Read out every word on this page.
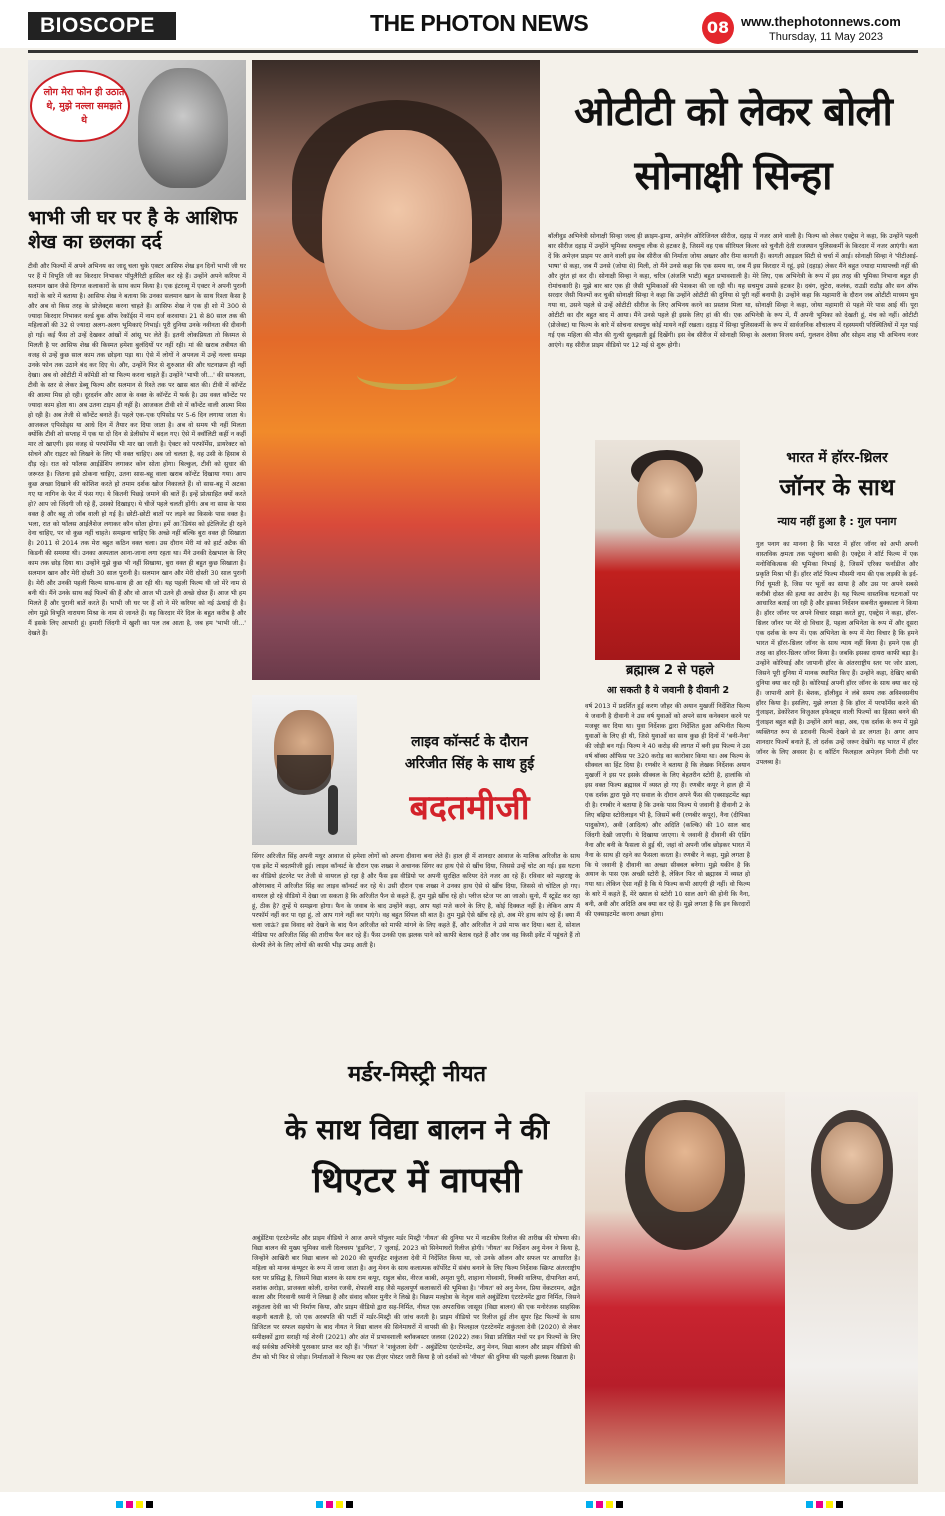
BIOSCOPE	THE PHOTON NEWS	08 www.thephotonnews.com
Thursday, 11 May 2023
लोग मेरा फोन ही उठाते थे, मुझे नल्ला समझते थे
भाभी जी घर पर है के आशिफ शेख का छलका दर्द
टीवी और फिल्मों में अपने अभिनय का जादू चला चुके एक्टर आसिफ शेख इन दिनों भाभी जी घर पर हैं में विभूति जी का किरदार निभाकर पॉपुलैरिटी हासिल कर रहे हैं। उन्होंने अपने करियर में सलमान खान जैसे दिग्गज कलाकारों के साथ काम किया है। एक इंटरव्यू में एक्टर ने अपनी पुरानी यादों के बारे में बताया है। आसिफ शेख ने बताया कि उनका सलमान खान के साथ रिश्ता कैसा है और अब वो किस तरह के प्रोजेक्ट्स करना चाहते हैं। आसिफ शेख ने एक ही शो में 300 से ज्यादा किरदार निभाकर वर्ल्ड बुक ऑफ रेकॉर्ड्स में नाम दर्ज करवाया। 21 से 80 साल तक की महिलाओं की 32 से ज्यादा अलग-अलग भूमिकाएं निभाई। पूरी दुनिया उनके नवीनता की दीवानी हो गई। कई फैंस तो उन्हें देखकर आंखों में आंसू भर लेते हैं। इतनी लोकप्रियता तो किस्मत से मिलती है पर आसिफ शेख की किस्मत हमेशा बुलंदियों पर नहीं रही। मां की खराब तबीयत की वजह से उन्हें कुछ साल काम तक छोड़ना पड़ा था। ऐसे में लोगों ने अपनत्व में उन्हें नल्ला समझ उनके फोन तक उठाने बंद कर दिए थे। और, उन्होंने फिर से शुरुआत की और घटनाक्रम ही नहीं देखा। अब वो ओटीटी में कॉमेडी शो या फिल्म करना चाहते हैं। उन्होंने 'भाभी जी...' की सफलता, टीवी के स्तर से लेकर डेब्यू फिल्म और सलमान से रिश्ते तक पर खास बात की। टीवी में कॉन्टेंट की आत्मा मिस हो रही। दूरदर्शन और आज के वक्त के कॉन्टेंट में फर्क है। उस वक्त कॉन्टेंट पर ज्यादा काम होता था। अब उतना टाइम ही नहीं है। आजकल टीवी शो में कॉन्टेंट वाली आत्मा मिस हो रही है। अब तेजी से कॉन्टेंट बनाते हैं। पहले एक-एक एपिसोड पर 5-6 दिन लगाया जाता थे। आजकल एपिसोड्स या आधे दिन में तैयार कर दिया जाता है। अब वो समय भी नहीं मिलता क्योंकि टीवी शो सप्ताह में एक या दो दिन से डेलीसोप में बदल गए। ऐसे में क्वॉलिटी कहीं न कहीं मार तो खाएगी। इस वजह से परफॉर्मेंस भी मार खा जाती है। ऐक्टर को परफॉर्मेंस, डायरेक्टर को सोचने और राइटर को लिखने के लिए भी वक्त चाहिए। अब जो चलता है, वह उसी के हिसाब से दौड़ रहे। रात को फॉलस आईडेंशिप लगाकर कोन सोता होगा। बिल्कुल, टीवी को सुधार की जरूरत है। जितना इसे ठोकना चाहिए, उतना सास-बहू वाला खराब कॉन्टेंट दिखाया गया। आप कुछ अच्छा दिखाने की कोशिश करते हो तमाम दर्शक खोज निकालते हैं। वो सास-बहू में अटका गए या नागिन के फेर में फंस गए। ये कितनी पिछड़े जमाने की बातें हैं। इन्हें प्रोत्साहित क्यों करते हो? आप जो जिंदगी जी रहे हैं, उसको दिखाइए। ये चीजें पहले चलती होंगी। अब ना सास के पास वक्त है और बहू तो जॉब वाली हो गई है। छोटी-छोटी बातों पर लड़ने का किसके पास वक्त है। भला, रात को फॉलस आईलैशेज लगाकर कौन सोता होगा। हमें आॅडियंस को इंटेलिजेंट ही रहने देना चाहिए, पर वो कुछ नहीं चाहते। समझना चाहिए कि अच्छे नहीं बल्कि बुरा वक्त ही सिखाता है। 2011 से 2014 तक मेरा बहुत कठिन वक्त चला। उस दौरान मेरी मां को हार्ट अटैक की किडनी की समस्या थी। उनका अस्पताल आना-जाना लगा रहता था। मैंने उनकी देखभाल के लिए काम तक छोड़ दिया था। उन्होंने मुझे कुछ भी नहीं सिखाया, बुरा वक्त ही बहुत कुछ सिखाता है। सलमान खान और मेरी दोस्ती 30 साल पुरानी है। सलमान खान और मेरी दोस्ती 30 साल पुरानी है। मेरी और उनकी पहली फिल्म साथ-साथ ही आ रही थी। यह पहली फिल्म थी जो मेरे नाम से बनी थी। मैंने उनके साथ कई फिल्में की हैं और वो आज भी उतने ही अच्छे दोस्त हैं। आज भी हम मिलते हैं और पुरानी बातें करते हैं। भाभी जी घर पर हैं शो ने मेरे करियर को नई ऊंचाई दी है। लोग मुझे विभूति नारायण मिश्रा के नाम से जानते हैं। यह किरदार मेरे दिल के बहुत करीब है और मैं इसके लिए आभारी हूं। हमारी जिंदगी में खुशी का पल तब आता है, जब हम 'भाभी जी...' देखते हैं।
ओटीटी को लेकर बोली सोनाक्षी सिन्हा
बॉलीवुड अभिनेत्री सोनाक्षी सिन्हा जल्द ही क्राइम-ड्रामा, अमेज़ॅन ओरिजिनल सीरीज, दहाड़ में नजर आने वाली है। फिल्म को लेकर एक्ट्रेस ने कहा, कि उन्होंने पहली बार सीरीज दहाड़ में उन्होंने भूमिका सचमुच लीक से हटकर है, जिसमें वह एक सीरियल किलर को चुनौती देती राजस्थान पुलिसकर्मी के किरदार में नजर आएंगी। बता दें कि अमेज़न प्राइम पर आने वाली इस वेब सीरीज की निर्माता जोया अख्तर और रीमा कागती हैं। कागती आइडल सिटी से चर्चा में आई। सोनाक्षी सिन्हा ने 'पीटीआई-भाषा' से कहा, जब मैं उनसे (जोया से) मिली, तो मैंने उनसे कहा कि एक समय था, जब मैं इस किरदार में रहूं, इसे (दहाड़) लेकर मैंने बहुत ज्यादा मायापच्ची नहीं की और तुरंत हां कर दी। सोनाक्षी सिन्हा ने कहा, चरित्र (अंजलि भाटी) बहुत प्रभावशाली है। मेरे लिए, एक अभिनेत्री के रूप में इस तरह की भूमिका निभाना बहुत ही रोमांचकारी है। मुझे बार बार एक ही जैसी भूमिकाओं की पेशकश की जा रही थी। यह सचमुच उससे हटकर है। दबंग, लुटेरा, कलंक, राउडी राठौड़ और सन ऑफ सरदार जैसी फिल्मों कर चुकी सोनाक्षी सिन्हा ने कहा कि उन्होंने ओटीटी की दुनिया से पूरी नहीं बनायी है। उन्होंने कहा कि महामारी के दौरान जब ओटीटी माध्यम चुम गया था, उसने पहले से उन्हें ओटीटी सीरीज के लिए अभिनय करने का प्रस्ताव मिला था, सोनाक्षी सिन्हा ने कहा, जोया महामारी से पहले मेरे पास आई थीं। पूरा ओटीटी का दौर बहुत बाद में आया। मैंने उनसे पहले ही इसके लिए हां की थी। एक अभिनेत्री के रूप में, मैं अपनी भूमिका को देखती हूं, मंच को नहीं। ओटीटी (प्रोजेक्ट) या फिल्म के बारे में सोचना सचमुच कोई मायने नहीं रखता। दहाड़ में सिन्हा पुलिसकर्मी के रूप में सार्वजनिक शौचालय में रहस्यमयी परिस्थितियों में मृत पाई गई एक महिला की मौत की गुत्थी सुलझाती हुई दिखेंगी। इस वेब सीरीज में सोनाक्षी सिन्हा के अलावा विजय वर्मा, गुलशन देवैया और सोहम शाह भी अभिनय नजर आएंगे। यह सीरीज प्राइम वीडियो पर 12 मई से शुरू होगी।
ब्रह्मास्त्र 2 से पहले
आ सकती है ये जवानी है दीवानी 2
वर्ष 2013 में प्रदर्शित हुई करण जौहर की अयान मुखर्जी निर्देशित फिल्म ये जवानी है दीवानी ने उस वर्ष युवाओं को अपने साथ कनेक्शन करने पर मजबूर कर दिया था। युवा निर्देशक द्वारा निर्देशित हुआ अभिनीत फिल्म युवाओं के लिए ही थी, जिसे युवाओं का साथ कुछ ही दिनों में 'बनी-नैना' की जोड़ी बन गई। फिल्म ने 40 करोड़ की लागत में बनी इस फिल्म ने उस वर्ष बॉक्स ऑफिस पर 320 करोड़ का कारोबार किया था। अब फिल्म के सीक्वल का हिंट दिया है। रणबीर ने बताया है कि लेखक निर्देशक अयान मुखर्जी ने इस पर इसके सीक्वल के लिए बेहतरीन स्टोरी है, हालांकि वो इस वक्त फिल्म ब्रह्मास्त्र में व्यस्त हो गए हैं। रणबीर कपूर ने हाल ही में एक दर्शक द्वारा पूछे गए सवाल के दौरान अपने फैंस की एक्साइटमेंट बढ़ा दी है। रणबीर ने बताया है कि उनके पास फिल्म ये जवानी है दीवानी 2 के लिए बढ़िया स्टोरीलाइन भी है, जिसमें बनी (रणबीर कपूर), नैना (दीपिका पादुकोण), अवी (आदित्य) और अदिति (कल्कि) की 10 साल बाद जिंदगी देखी जाएगी। ये दिखाया जाएगा। ये जवानी है दीवानी की एंडिंग नैना और बनी के फैसला से हुई थी, जहां वो अपनी जॉब छोड़कर भारत में नैना के साथ ही रहने का फैसला करता है। रणबीर ने कहा, मुझे लगता है कि ये जवानी है दीवानी का अच्छा सीक्वल बनेगा। मुझे यकीन है कि अयान के पास एक अच्छी स्टोरी है, लेकिन फिर वो ब्रह्मास्त्र में व्यस्त हो गया था। लेकिन ऐसा नहीं है कि ये फिल्म कभी आएगी ही नहीं। वो फिल्म के बारे में कहते हैं, मेरे ख्याल से स्टोरी 10 साल आगे की होनी कि नैना, बनी, अवी और अदिति अब क्या कर रहे हैं। मुझे लगता है कि इन किरदारों की एक्साइटमेंट करना अच्छा होगा।
भारत में हॉरर-थ्रिलर
जॉनर के साथ
न्याय नहीं हुआ है : गुल पनाग
गुल पनाग का मानना है कि भारत में हॉरर जॉनर को अभी अपनी वास्तविक क्षमता तक पहुंचना बाकी है। एक्ट्रेस ने शॉर्ट फिल्म में एक मनोविकित्सक की भूमिका निभाई है, जिसमें एरिका फर्नांडीज और प्रकृति मिश्रा भी हैं। हॉरर शॉर्ट फिल्म मौसमी नाम की एक लड़की के इर्द-गिर्द घूमती है, जिस पर भूतों का साया है और उस पर अपने सबसे करीबी दोस्त की हत्या का आरोप है। यह फिल्म वास्तविक घटनाओं पर आधारित बताई जा रही है और इसका निर्देशन सबनीत बुक्काला ने किया है। हॉरर जॉनर पर अपने विचार साझा करते हुए, एक्ट्रेस ने कहा, हॉरर-थ्रिलर जॉनर पर मेरे दो विचार हैं, पहला अभिनेता के रूप में और दूसरा एक दर्शक के रूप में। एक अभिनेता के रूप में मेरा विचार है कि हमने भारत में हॉरर-थ्रिलर जॉनर के साथ न्याय नहीं किया है। हमने एक ही तरह का हॉरर-थ्रिलर जॉनर किया है। जबकि इसका दायरा काफी बड़ा है। उन्होंने कोरियाई और जापानी हॉरर के अंतरराष्ट्रीय स्तर पर जोर डाला, जिसने पूरी दुनिया में मानक स्थापित किए हैं। उन्होंने कहा, देखिए बाकी दुनिया क्या कर रही है। कोरियाई अपनी हॉरर जॉनर के साथ क्या कर रहे हैं। जापानी आगे हैं। बेशक, हॉलीवुड ने लंबे समय तक अविश्वसनीय हॉरर किया है। इसलिए, मुझे लगता है कि हॉरर में परफॉर्मेंस करने की गुंजाइश, डेकोरेशन विजुअल इफेक्ट्स वाली फिल्मों का हिस्सा बनने की गुंजाइश बहुत बड़ी है। उन्होंने आगे कहा, अब, एक दर्शक के रूप में मुझे व्यक्तिगत रूप से डरावनी फिल्में देखने से डर लगता है। अगर आप शानदार फिल्में बनाते हैं, तो दर्शक उन्हें जरूर देखेंगे। यह भारत में हॉरर जॉनर के लिए अवसर है। द कॉटिंग फिलहाल अमेज़न मिनी टीवी पर उपलब्ध है।
लाइव कॉन्सर्ट के दौरान
अरिजीत सिंह के साथ हुई
बदतमीजी
सिंगर अरिजीत सिंह अपनी मधुर आवाज से हमेशा लोगों को अपना दीवाना बना लेते हैं। हाल ही में शानदार आवाज के मालिक अरिजीत के साथ एक इवेंट में बदतमीजी हुई। लाइव कॉन्सर्ट के दौरान एक शख्स ने अचानक सिंगर का हाथ ऐसे से खींच दिया, जिससे उन्हें चोट आ गई। इस घटना का वीडियो इंटरनेट पर तेजी से वायरल हो रहा है और फैंस इस वीडियो पर अपनी सुरक्षित करियर देते नजर आ रहे हैं। रविवार को महाराष्ट्र के औरंगाबाद में अरिजीत सिंह का लाइव कॉन्सर्ट कर रहे थे। उसी दौरान एक शख्स ने उनका हाथ ऐसे से खींच दिया, जिससे वो चोटिल हो गए। वायरल हो रहे वीडियो में देखा जा सकता है कि अरिजीत फैन से कहते हैं, तुम मुझे खींच रहे हो। प्लीज स्टेज पर आ जाओ। सुनो, मैं स्टूडेंट कर रहा हूं, ठीक है? तुम्हें ये समझना होगा। फैन के जवाब के बाद उन्होंने कहा, आप यहां मजे करने के लिए है, कोई दिक्कत नहीं है। लेकिन आप मैं परफॉर्म नहीं कर पा रहा हूं, तो आप गाने नहीं कर पाएंगे। वह बहुत सिंपल सी बात है। तुम मुझे ऐसे खींच रहे हो, अब मेरे हाथ कांप रहे हैं। क्या मैं चला जाऊं? इस विवाद को देखने के बाद फैन अरिजीत को माफी मांगने के लिए कहते हैं, और अरिजीत ने उसे माफ कर दिया। बता दें, सोशल मीडिया पर अरिजीत सिंह की तारीफ फैन कर रहे हैं। फैंस उनकी एक झलक पाने को काफी बेताब रहते हैं और जब वह किसी इवेंट में पहुंचते हैं तो सेल्फी लेने के लिए लोगों की काफी भीड़ उमड़ आती है।
मर्डर-मिस्ट्री नीयत
के साथ विद्या बालन ने की
थिएटर में वापसी
अबुंडेंटिया एंटरटेनमेंट और प्राइम वीडियो ने आज अपने पॉपुलर मर्डर मिस्ट्री 'नीयत' की दुनिया भर में नाटकीय रिलीज की तारीख की घोषणा की। विद्या बालन की मुख्य भूमिका वाली दिलचस्प 'हुडनिट', 7 जुलाई, 2023 को सिनेमाघरों रिलीज होगी। 'नीयत' का निर्देशन अनु मेनन ने किया है, जिन्होंने आखिरी बार विद्या बालन को 2020 की सुपरहिट शकुंतला देवी में निर्देशित किया था, जो उनके ऑलन और सफल पर आधारित है। महिला को मानव कंप्यूटर के रूप में जाना जाता है। अनु मेनन के साथ कलात्मक कॉर्पोरेट में संबंध बनाने के लिए फिल्म निर्देशक स्क्रिप्ट अंतरराष्ट्रीय स्तर पर प्रसिद्ध है, जिसमें विद्या बालन के साथ राम कपूर, राहुल बोस, नीरज काबी, अमृता पुरी, शाहाना गोस्वामी, निक्की वालिया, दीपानिता शर्मा, शशांक अरोड़ा, प्राजक्ता कोली, दानेश रजवी, शेफाली शाह जैसे महत्वपूर्ण कलाकारों की भूमिका है। 'नीयत' को अनु मेनन, प्रिया वेंकटरमन, अद्वैत काला और गिरवानी ध्यानी ने लिखा है और संवाद कौसर मुनीर ने लिखे है। विक्रम मल्होत्रा के नेतृत्व वाले अबुंडेंटिया एंटरटेनमेंट द्वारा निर्मित, जिसने शकुंतला देवी का भी निर्माण किया, और प्राइम वीडियो द्वारा सह-निर्मित, नीयत एक अपराधिक जासूस (विद्या बालन) की एक मनोरंजक साहसिक कहानी बताती है, जो एक अरबपति की पार्टी में मर्डर-मिस्ट्री की जांच करती है। प्राइम वीडियो पर रिलीज हुई तीन सुपर हिट फिल्मों के साथ डिजिटल पर सफल सहयोग के बाद नीयत ने विद्या बालन की सिनेमाघरों में वापसी की है। फिलहाल एंटरटेनमेंट शकुंतला देवी (2020) से लेकर समीक्षकों द्वारा सराही गई शेरनी (2021) और अंत में प्रभावशाली ब्लॉकबस्टर जलसा (2022) तक। विद्या प्रतिष्ठित मंचों पर इन फिल्मों के लिए कई सर्वश्रेष्ठ अभिनेत्री पुरस्कार प्राप्त कर रही हैं। 'नीयत' ने 'शकुंतला देवी' - अबुंडेंटिया एंटरटेनमेंट, अनु मेनन, विद्या बालन और प्राइम वीडियो की टीम को भी फिर से जोड़ा। निर्माताओं ने फिल्म का एक टीज़र पोस्टर जारी किया है जो दर्शकों को 'नीयत' की दुनिया की पहली झलक दिखाता है।
